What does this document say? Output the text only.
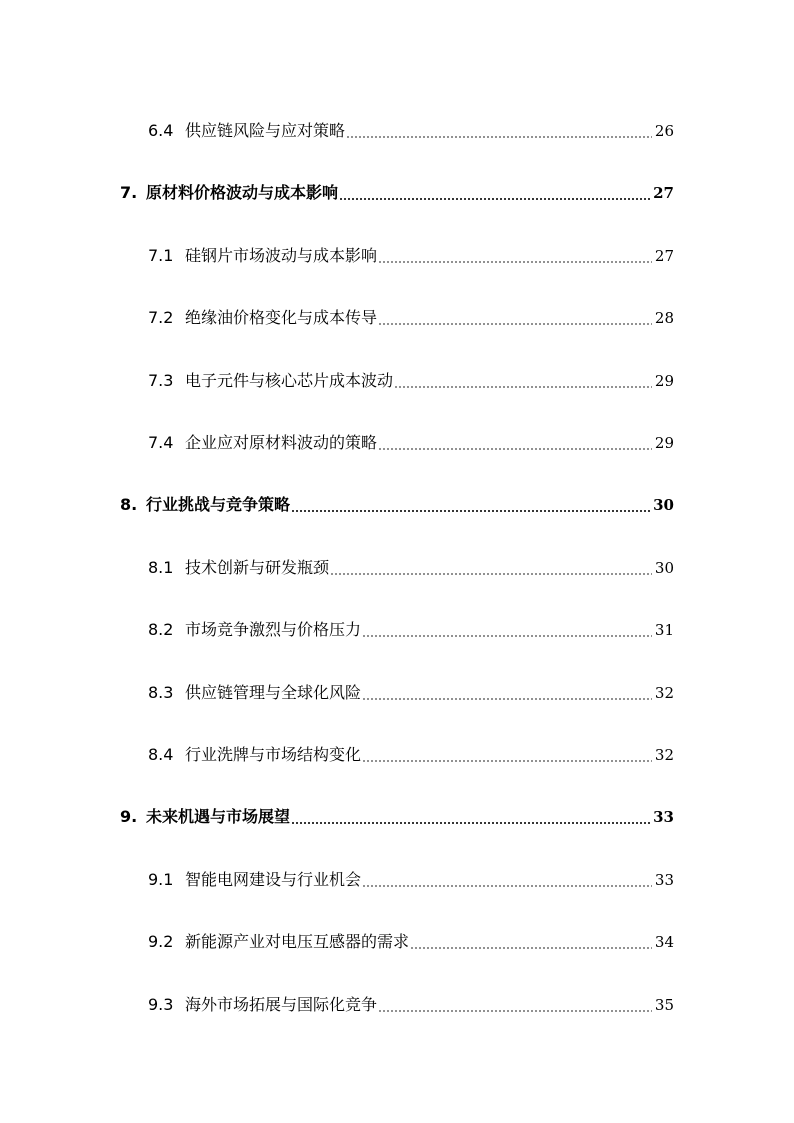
6.4 供应链风险与应对策略	26
7. 原材料价格波动与成本影响	27
7.1 硅钢片市场波动与成本影响	27
7.2 绝缘油价格变化与成本传导	28
7.3 电子元件与核心芯片成本波动	29
7.4 企业应对原材料波动的策略	29
8. 行业挑战与竞争策略	30
8.1 技术创新与研发瓶颈	30
8.2 市场竞争激烈与价格压力	31
8.3 供应链管理与全球化风险	32
8.4 行业洗牌与市场结构变化	32
9. 未来机遇与市场展望	33
9.1 智能电网建设与行业机会	33
9.2 新能源产业对电压互感器的需求	34
9.3 海外市场拓展与国际化竞争	35
